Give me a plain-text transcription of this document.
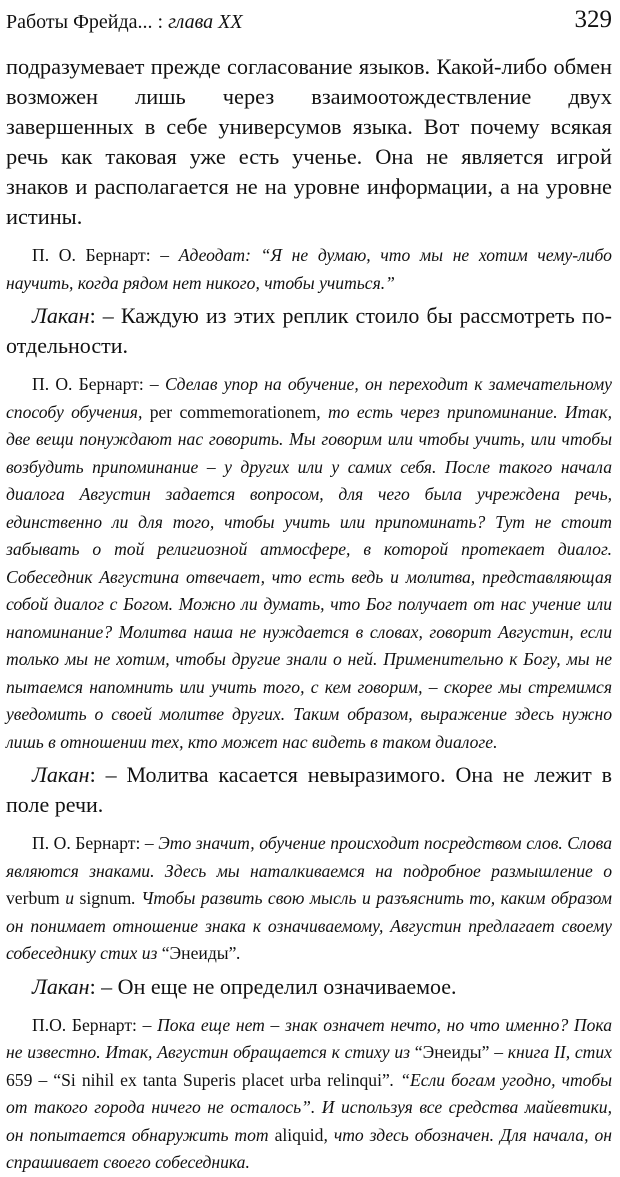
Работы Фрейда... : глава XX	329

подразумевает прежде согласование языков. Какой-либо обмен возможен лишь через взаимоотождествление двух завершенных в себе универсумов языка. Вот почему всякая речь как таковая уже есть ученье. Она не является игрой знаков и располагается не на уровне информации, а на уровне истины.

П. О. Бернарт: – Адеодат: “Я не думаю, что мы не хотим чему-либо научить, когда рядом нет никого, чтобы учиться.”

Лакан: – Каждую из этих реплик стоило бы рассмотреть по-отдельности.

П. О. Бернарт: – Сделав упор на обучение, он переходит к замечательному способу обучения, per commemorationem, то есть через припоминание. Итак, две вещи понуждают нас говорить. Мы говорим или чтобы учить, или чтобы возбудить припоминание – у других или у самих себя. После такого начала диалога Августин задается вопросом, для чего была учреждена речь, единственно ли для того, чтобы учить или припоминать? Тут не стоит забывать о той религиозной атмосфере, в которой протекает диалог. Собеседник Августина отвечает, что есть ведь и молитва, представляющая собой диалог с Богом. Можно ли думать, что Бог получает от нас учение или напоминание? Молитва наша не нуждается в словах, говорит Августин, если только мы не хотим, чтобы другие знали о ней. Применительно к Богу, мы не пытаемся напомнить или учить того, с кем говорим, – скорее мы стремимся уведомить о своей молитве других. Таким образом, выражение здесь нужно лишь в отношении тех, кто может нас видеть в таком диалоге.

Лакан: – Молитва касается невыразимого. Она не лежит в поле речи.

П. О. Бернарт: – Это значит, обучение происходит посредством слов. Слова являются знаками. Здесь мы наталкиваемся на подробное размышление о verbum и signum. Чтобы развить свою мысль и разъяснить то, каким образом он понимает отношение знака к означиваемому, Августин предлагает своему собеседнику стих из “Энеиды”.

Лакан: – Он еще не определил означиваемое.

П.О. Бернарт: – Пока еще нет – знак означет нечто, но что именно? Пока не известно. Итак, Августин обращается к стиху из “Энеиды” – книга II, стих 659 – “Si nihil ex tanta Superis placet urba relinqui”. “Если богам угодно, чтобы от такого города ничего не осталось”. И используя все средства майевтики, он попытается обнаружить тот aliquid, что здесь обозначен. Для начала, он спрашивает своего собеседника.
